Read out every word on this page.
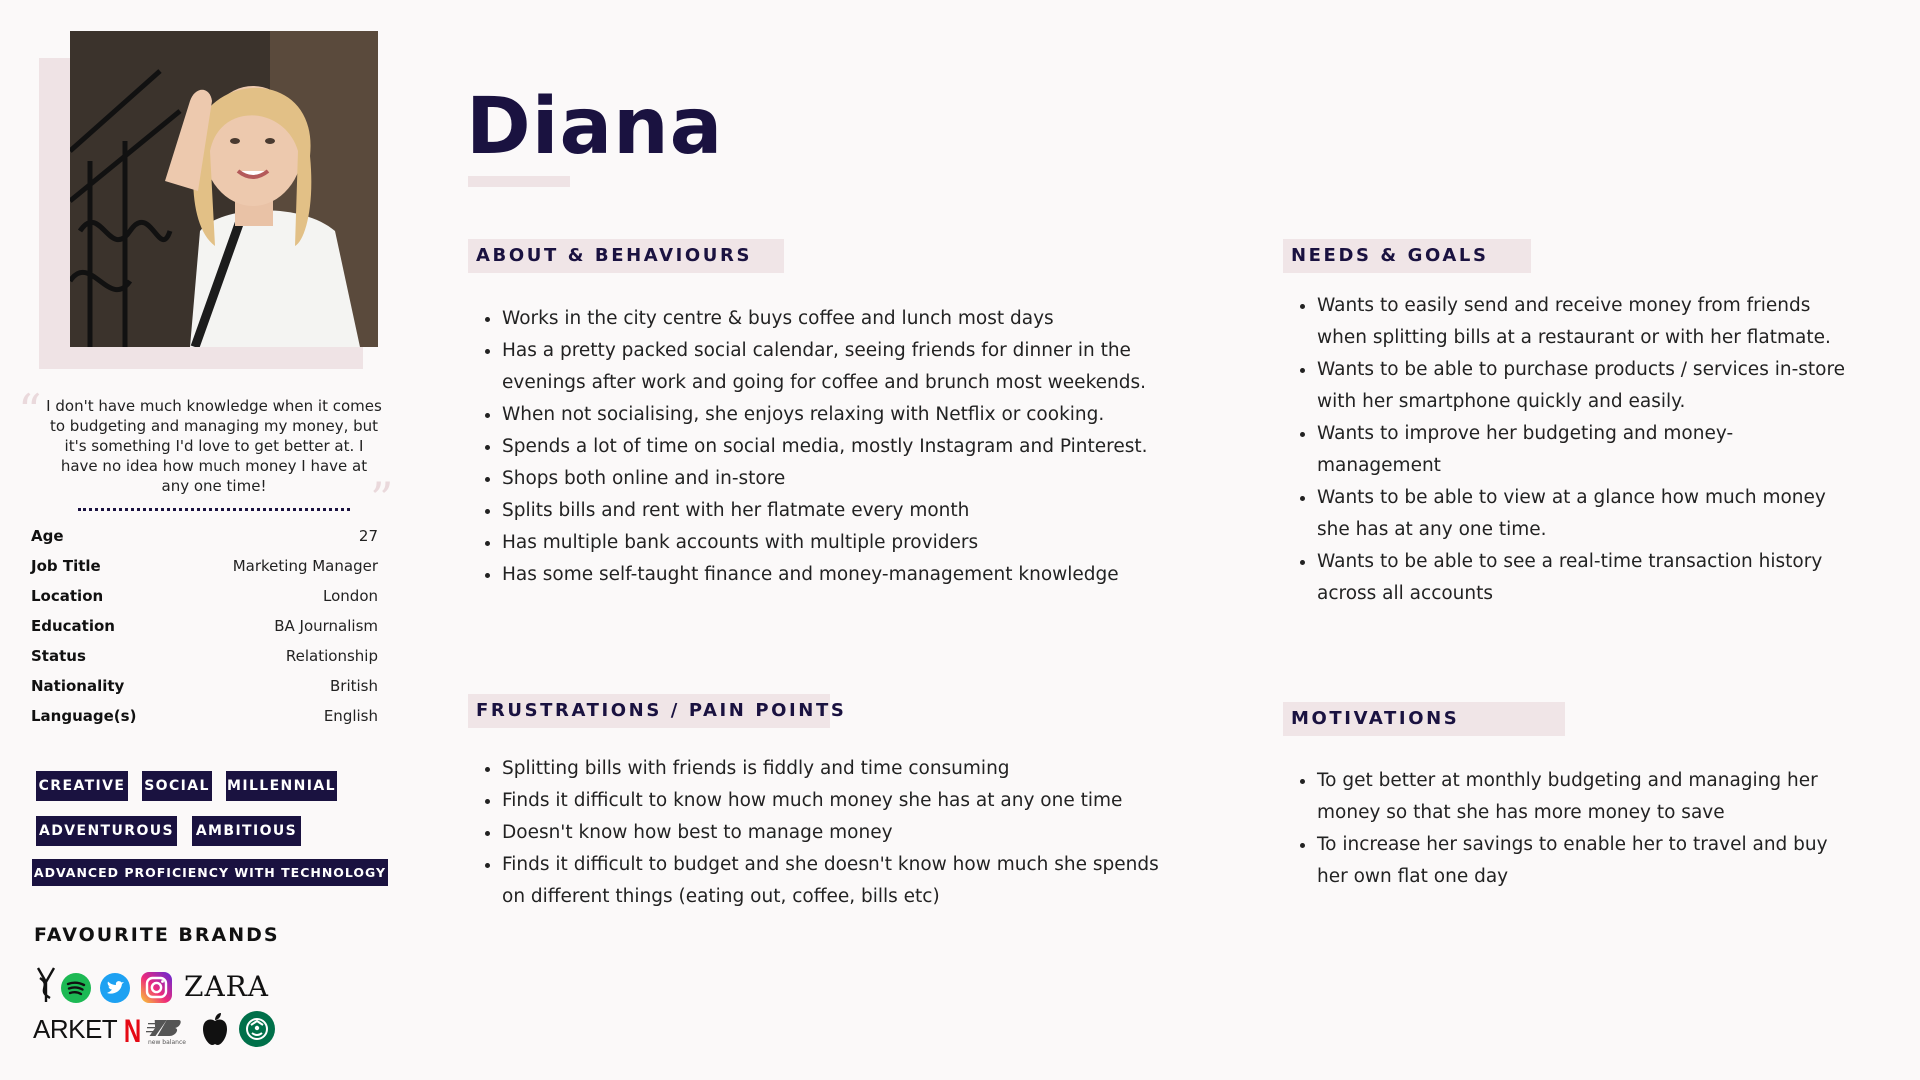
“ I don't have much knowledge when it comes to budgeting and managing my money, but it's something I'd love to get better at. I have no idea how much money I have at any one time!	”
Age	27
Job Title	Marketing Manager
Location	London
Education	BA Journalism
Status	Relationship
Nationality	British
Language(s)	English
CREATIVE SOCIAL MILLENNIAL
ADVENTUROUS AMBITIOUS
ADVANCED PROFICIENCY WITH TECHNOLOGY
FAVOURITE BRANDS
ZARA
ARKET N new balance
Diana
ABOUT & BEHAVIOURS
• Works in the city centre & buys coffee and lunch most days
• Has a pretty packed social calendar, seeing friends for dinner in the evenings after work and going for coffee and brunch most weekends.
• When not socialising, she enjoys relaxing with Netflix or cooking.
• Spends a lot of time on social media, mostly Instagram and Pinterest.
• Shops both online and in-store
• Splits bills and rent with her flatmate every month
• Has multiple bank accounts with multiple providers
• Has some self-taught finance and money-management knowledge
NEEDS & GOALS
• Wants to easily send and receive money from friends when splitting bills at a restaurant or with her flatmate.
• Wants to be able to purchase products / services in-store with her smartphone quickly and easily.
• Wants to improve her budgeting and money-management
• Wants to be able to view at a glance how much money she has at any one time.
• Wants to be able to see a real-time transaction history across all accounts
FRUSTRATIONS / PAIN POINTS
• Splitting bills with friends is fiddly and time consuming
• Finds it difficult to know how much money she has at any one time
• Doesn't know how best to manage money
• Finds it difficult to budget and she doesn't know how much she spends on different things (eating out, coffee, bills etc)
MOTIVATIONS
• To get better at monthly budgeting and managing her money so that she has more money to save
• To increase her savings to enable her to travel and buy her own flat one day
